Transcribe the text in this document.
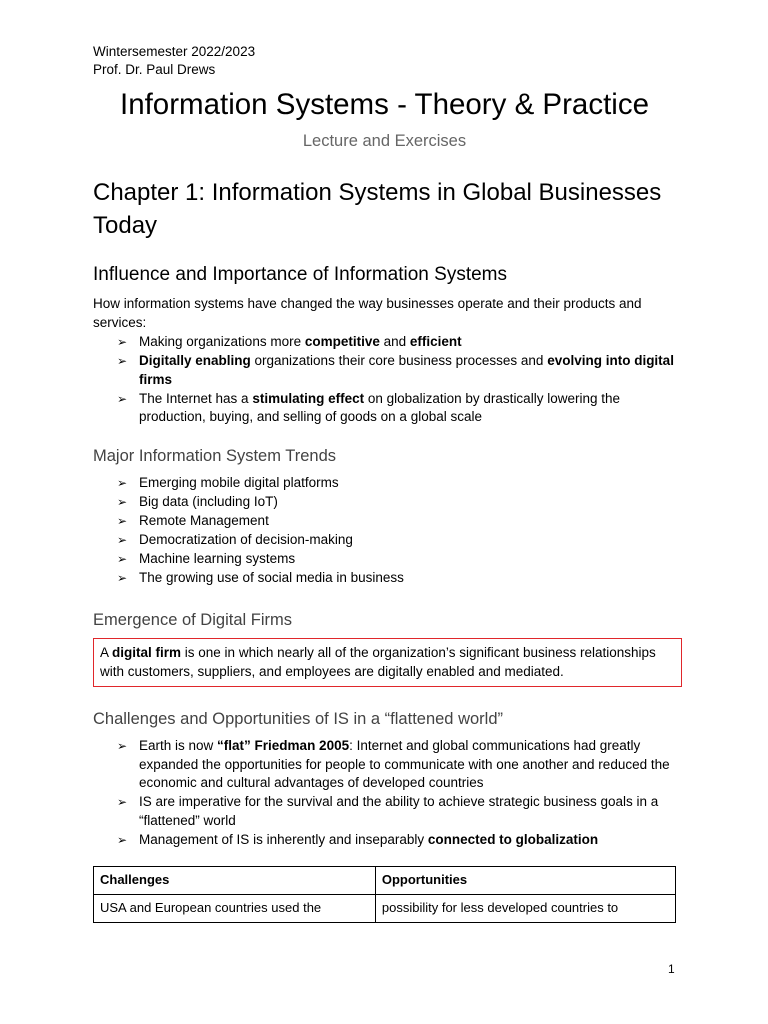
Wintersemester 2022/2023
Prof. Dr. Paul Drews
Information Systems - Theory & Practice
Lecture and Exercises
Chapter 1: Information Systems in Global Businesses Today
Influence and Importance of Information Systems
How information systems have changed the way businesses operate and their products and services:
➢ Making organizations more competitive and efficient
➢ Digitally enabling organizations their core business processes and evolving into digital firms
➢ The Internet has a stimulating effect on globalization by drastically lowering the production, buying, and selling of goods on a global scale
Major Information System Trends
➢ Emerging mobile digital platforms
➢ Big data (including IoT)
➢ Remote Management
➢ Democratization of decision-making
➢ Machine learning systems
➢ The growing use of social media in business
Emergence of Digital Firms
A digital firm is one in which nearly all of the organization’s significant business relationships with customers, suppliers, and employees are digitally enabled and mediated.
Challenges and Opportunities of IS in a “flattened world”
➢ Earth is now “flat” Friedman 2005: Internet and global communications had greatly expanded the opportunities for people to communicate with one another and reduced the economic and cultural advantages of developed countries
➢ IS are imperative for the survival and the ability to achieve strategic business goals in a “flattened” world
➢ Management of IS is inherently and inseparably connected to globalization
Challenges	Opportunities
USA and European countries used the	possibility for less developed countries to
1
